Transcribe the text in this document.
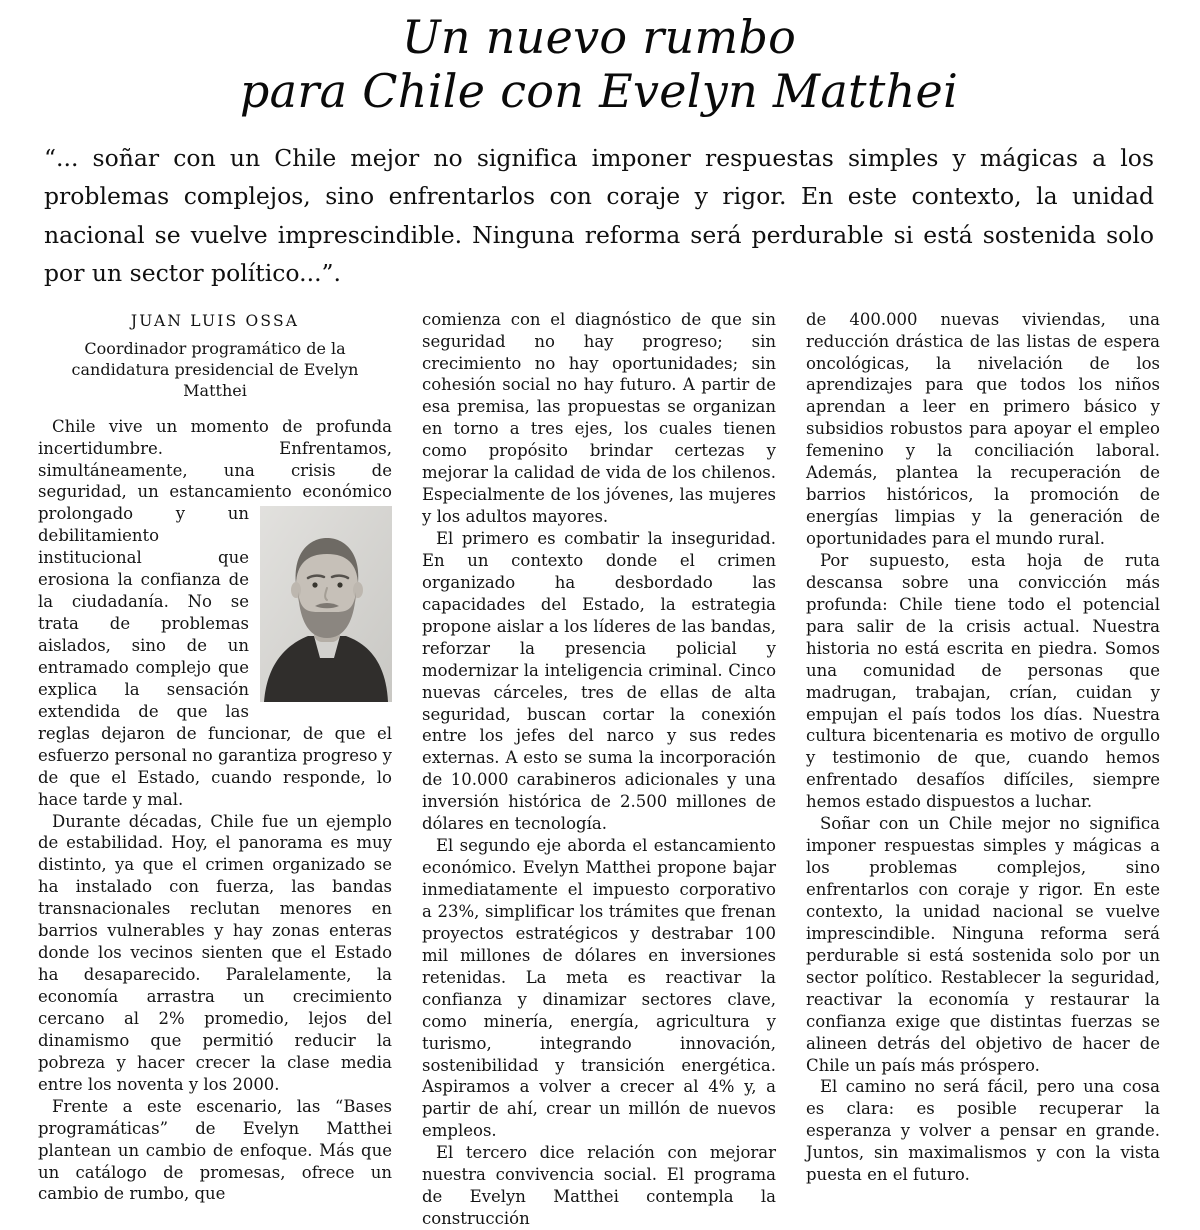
Un nuevo rumbo
para Chile con Evelyn Matthei
“... soñar con un Chile mejor no significa imponer respuestas simples y mágicas a los problemas complejos, sino enfrentarlos con coraje y rigor. En este contexto, la unidad nacional se vuelve imprescindible. Ninguna reforma será perdurable si está sostenida solo por un sector político...”.
JUAN LUIS OSSA
Coordinador programático de la candidatura presidencial de Evelyn Matthei

Chile vive un momento de profunda incertidumbre. Enfrentamos, simultáneamente, una crisis de seguridad, un estancamiento económico prolongado y un debilitamiento institucional que erosiona la confianza de la ciudadanía. No se trata de problemas aislados, sino de un entramado complejo que explica la sensación extendida de que las reglas dejaron de funcionar, de que el esfuerzo personal no garantiza progreso y de que el Estado, cuando responde, lo hace tarde y mal.

Durante décadas, Chile fue un ejemplo de estabilidad. Hoy, el panorama es muy distinto, ya que el crimen organizado se ha instalado con fuerza, las bandas transnacionales reclutan menores en barrios vulnerables y hay zonas enteras donde los vecinos sienten que el Estado ha desaparecido. Paralelamente, la economía arrastra un crecimiento cercano al 2% promedio, lejos del dinamismo que permitió reducir la pobreza y hacer crecer la clase media entre los noventa y los 2000.

Frente a este escenario, las “Bases programáticas” de Evelyn Matthei plantean un cambio de enfoque. Más que un catálogo de promesas, ofrece un cambio de rumbo, que

comienza con el diagnóstico de que sin seguridad no hay progreso; sin crecimiento no hay oportunidades; sin cohesión social no hay futuro. A partir de esa premisa, las propuestas se organizan en torno a tres ejes, los cuales tienen como propósito brindar certezas y mejorar la calidad de vida de los chilenos. Especialmente de los jóvenes, las mujeres y los adultos mayores.

El primero es combatir la inseguridad. En un contexto donde el crimen organizado ha desbordado las capacidades del Estado, la estrategia propone aislar a los líderes de las bandas, reforzar la presencia policial y modernizar la inteligencia criminal. Cinco nuevas cárceles, tres de ellas de alta seguridad, buscan cortar la conexión entre los jefes del narco y sus redes externas. A esto se suma la incorporación de 10.000 carabineros adicionales y una inversión histórica de 2.500 millones de dólares en tecnología.

El segundo eje aborda el estancamiento económico. Evelyn Matthei propone bajar inmediatamente el impuesto corporativo a 23%, simplificar los trámites que frenan proyectos estratégicos y destrabar 100 mil millones de dólares en inversiones retenidas. La meta es reactivar la confianza y dinamizar sectores clave, como minería, energía, agricultura y turismo, integrando innovación, sostenibilidad y transición energética. Aspiramos a volver a crecer al 4% y, a partir de ahí, crear un millón de nuevos empleos.

El tercero dice relación con mejorar nuestra convivencia social. El programa de Evelyn Matthei contempla la construcción

de 400.000 nuevas viviendas, una reducción drástica de las listas de espera oncológicas, la nivelación de los aprendizajes para que todos los niños aprendan a leer en primero básico y subsidios robustos para apoyar el empleo femenino y la conciliación laboral. Además, plantea la recuperación de barrios históricos, la promoción de energías limpias y la generación de oportunidades para el mundo rural.

Por supuesto, esta hoja de ruta descansa sobre una convicción más profunda: Chile tiene todo el potencial para salir de la crisis actual. Nuestra historia no está escrita en piedra. Somos una comunidad de personas que madrugan, trabajan, crían, cuidan y empujan el país todos los días. Nuestra cultura bicentenaria es motivo de orgullo y testimonio de que, cuando hemos enfrentado desafíos difíciles, siempre hemos estado dispuestos a luchar.

Soñar con un Chile mejor no significa imponer respuestas simples y mágicas a los problemas complejos, sino enfrentarlos con coraje y rigor. En este contexto, la unidad nacional se vuelve imprescindible. Ninguna reforma será perdurable si está sostenida solo por un sector político. Restablecer la seguridad, reactivar la economía y restaurar la confianza exige que distintas fuerzas se alineen detrás del objetivo de hacer de Chile un país más próspero.

El camino no será fácil, pero una cosa es clara: es posible recuperar la esperanza y volver a pensar en grande. Juntos, sin maximalismos y con la vista puesta en el futuro.
